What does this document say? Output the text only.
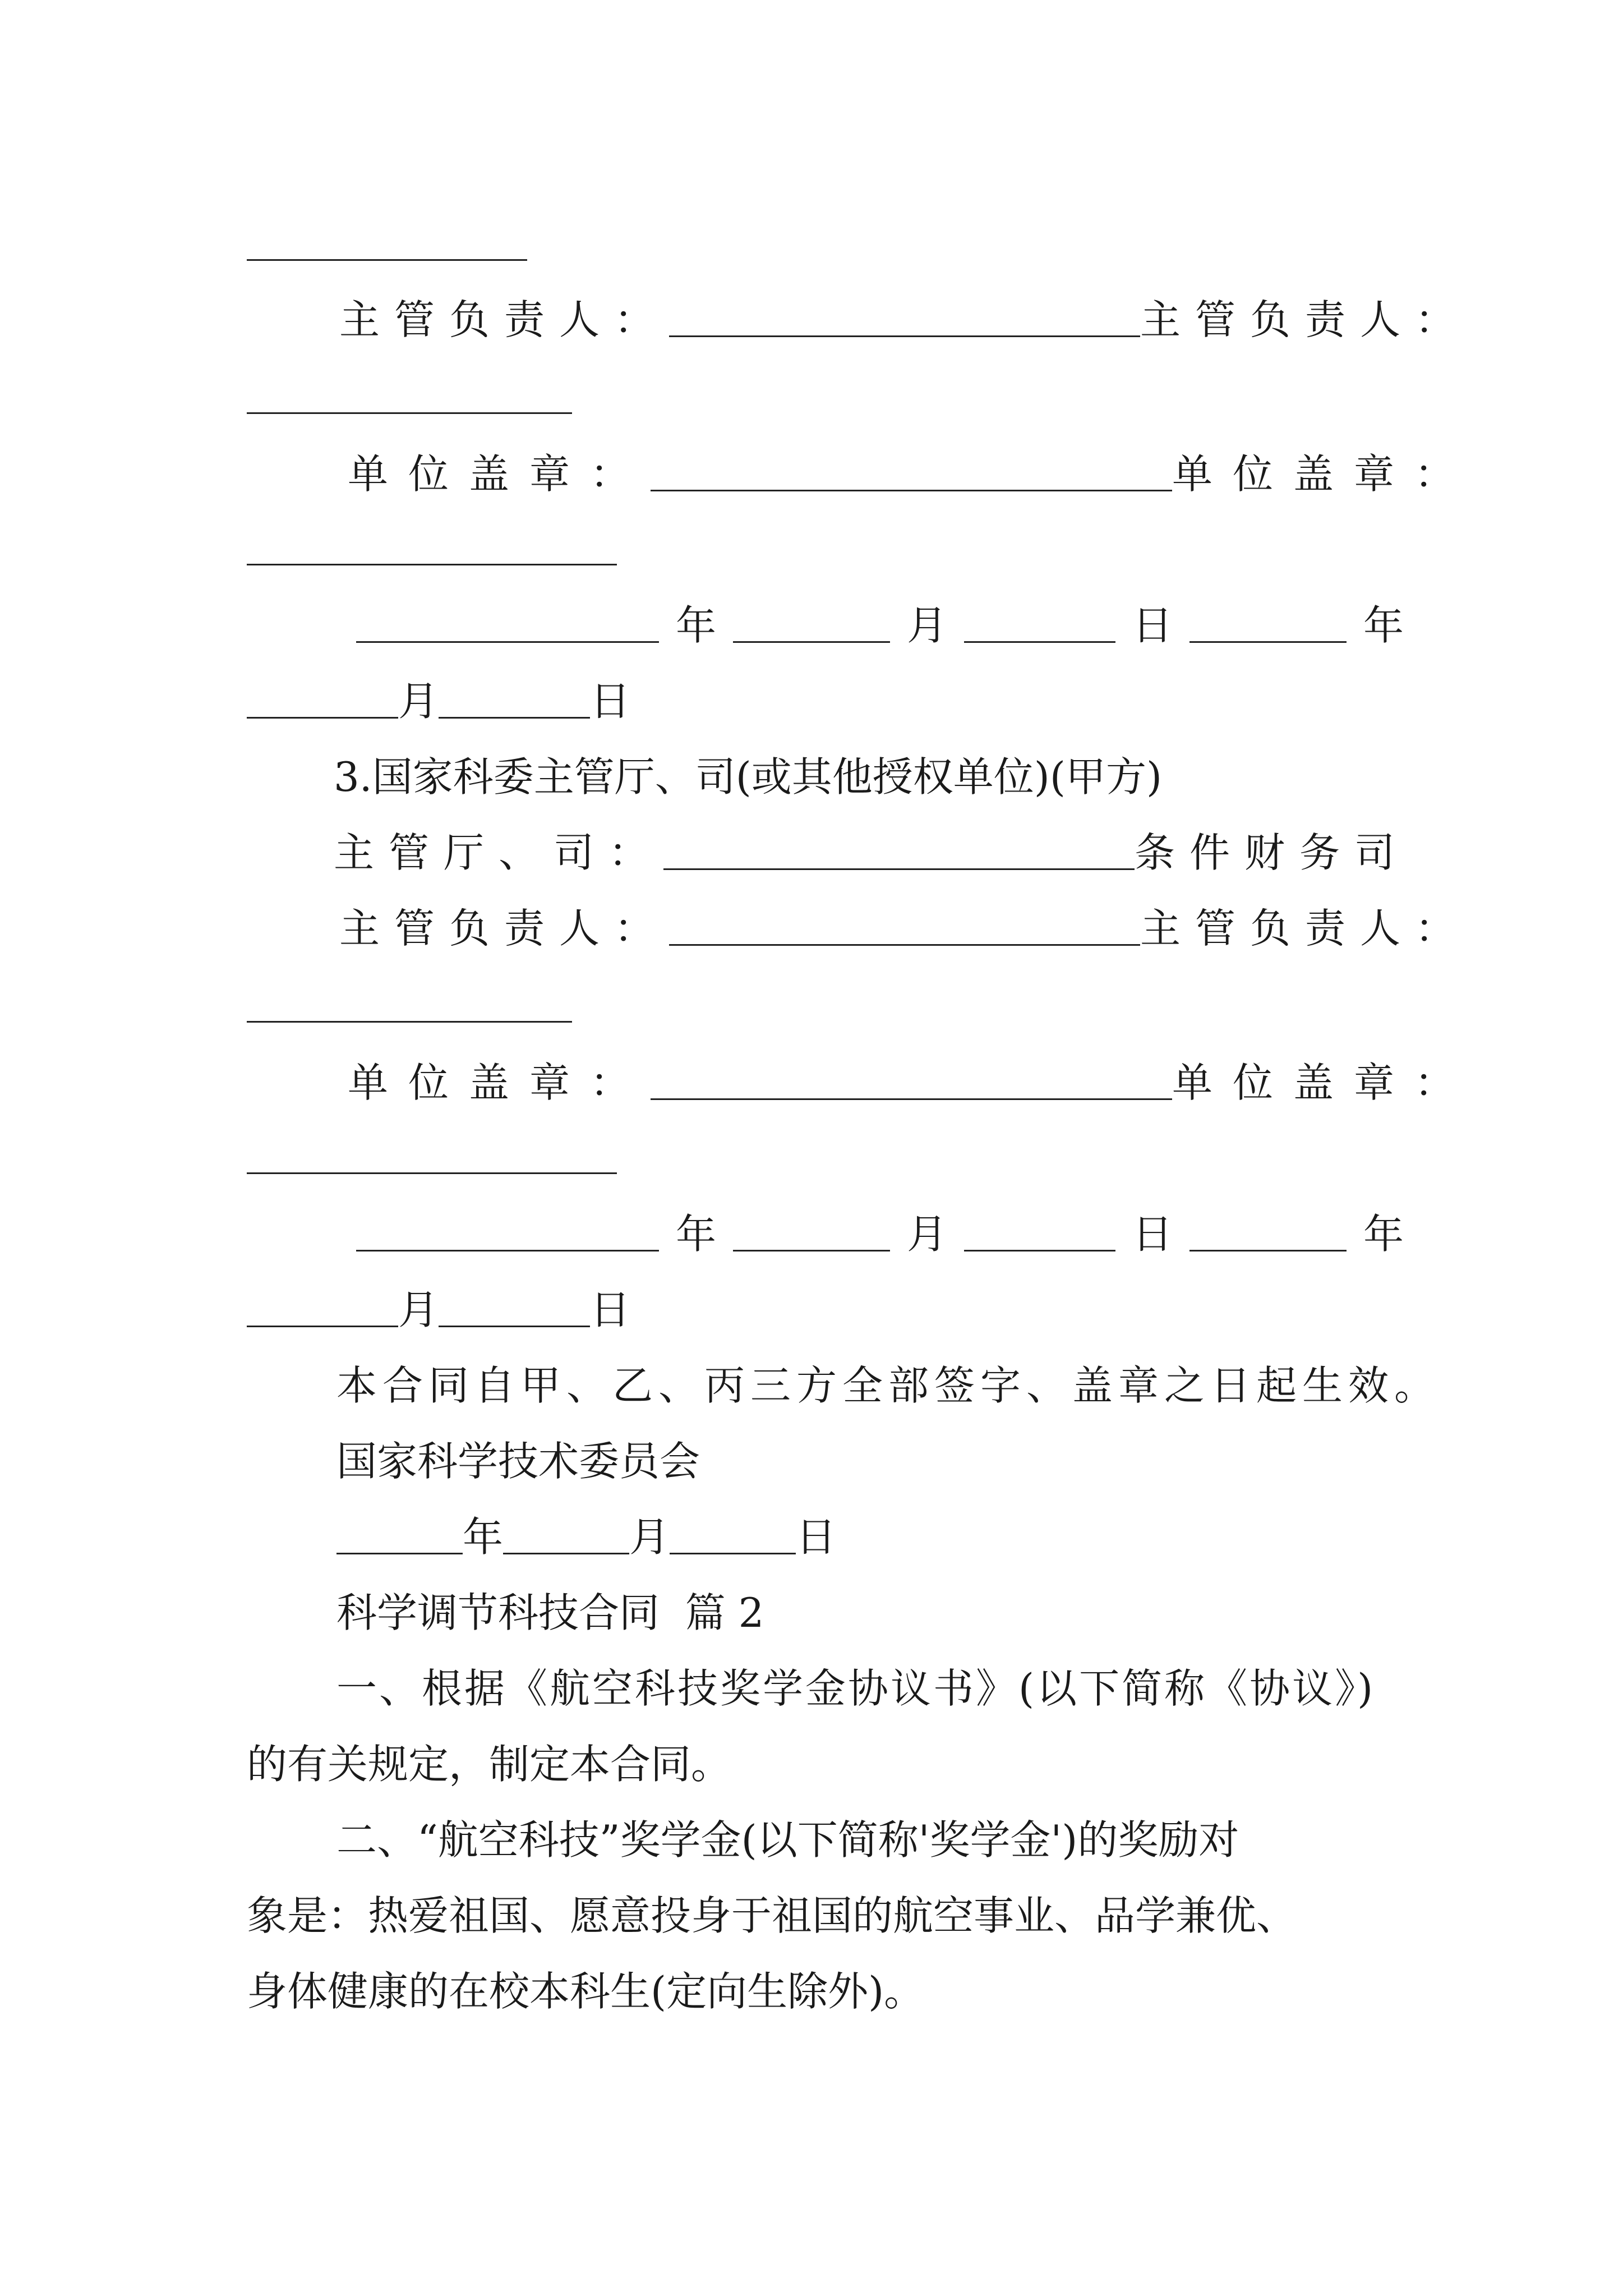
主管负责人：	主管负责人：
单位盖章：	单位盖章：
年	月	日	年
月	日
3.国家科委主管厅、司(或其他授权单位)(甲方)
主管厅、司：	条件财务司
主管负责人：	主管负责人：
单位盖章：	单位盖章：
年	月	日	年
月	日
本合同自甲、乙、丙三方全部签字、盖章之日起生效。
国家科学技术委员会
年	月	日
科学调节科技合同  篇 2
一、根据《航空科技奖学金协议书》(以下简称《协议》)
的有关规定，制定本合同。
二、“航空科技”奖学金(以下简称'奖学金')的奖励对
象是：热爱祖国、愿意投身于祖国的航空事业、品学兼优、
身体健康的在校本科生(定向生除外)。
